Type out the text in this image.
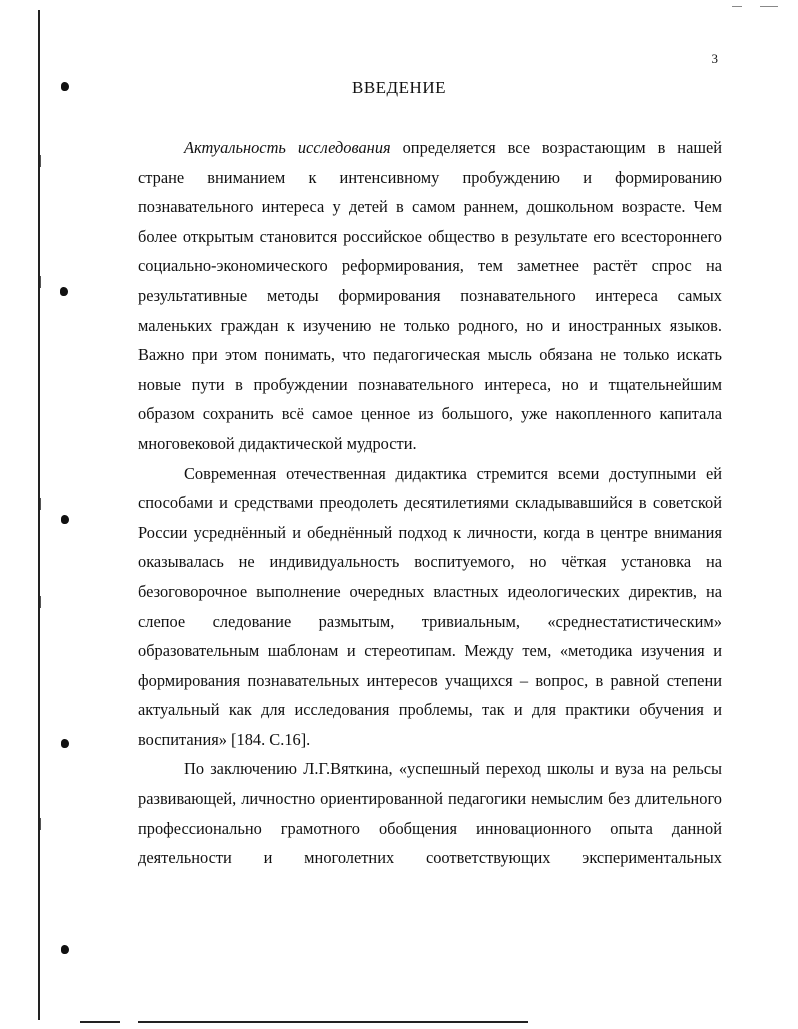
3
ВВЕДЕНИЕ

Актуальность исследования определяется все возрастающим в нашей стране вниманием к интенсивному пробуждению и формированию познавательного интереса у детей в самом раннем, дошкольном возрасте. Чем более открытым становится российское общество в результате его всестороннего социально-экономического реформирования, тем заметнее растёт спрос на результативные методы формирования познавательного интереса самых маленьких граждан к изучению не только родного, но и иностранных языков. Важно при этом понимать, что педагогическая мысль обязана не только искать новые пути в пробуждении познавательного интереса, но и тщательнейшим образом сохранить всё самое ценное из большого, уже накопленного капитала многовековой дидактической мудрости.

Современная отечественная дидактика стремится всеми доступными ей способами и средствами преодолеть десятилетиями складывавшийся в советской России усреднённый и обеднённый подход к личности, когда в центре внимания оказывалась не индивидуальность воспитуемого, но чёткая установка на безоговорочное выполнение очередных властных идеологических директив, на слепое следование размытым, тривиальным, «среднестатистическим» образовательным шаблонам и стереотипам. Между тем, «методика изучения и формирования познавательных интересов учащихся – вопрос, в равной степени актуальный как для исследования проблемы, так и для практики обучения и воспитания» [184. С.16].

По заключению Л.Г.Вяткина, «успешный переход школы и вуза на рельсы развивающей, личностно ориентированной педагогики немыслим без длительного профессионально грамотного обобщения инновационного опыта данной деятельности и многолетних соответствующих экспериментальных
